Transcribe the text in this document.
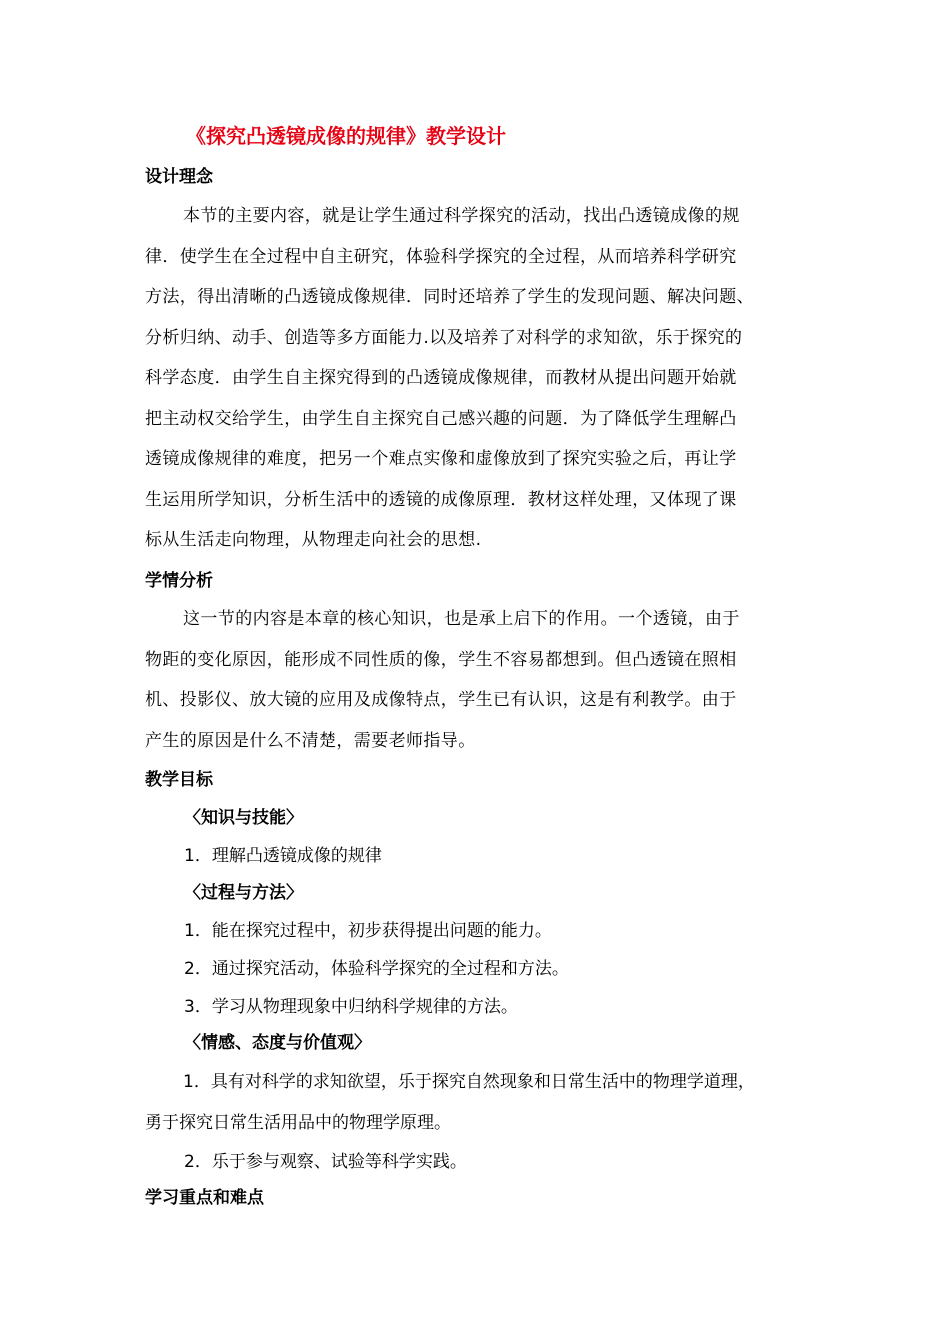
《探究凸透镜成像的规律》教学设计
设计理念
本节的主要内容，就是让学生通过科学探究的活动，找出凸透镜成像的规
律．使学生在全过程中自主研究，体验科学探究的全过程，从而培养科学研究
方法，得出清晰的凸透镜成像规律．同时还培养了学生的发现问题、解决问题、
分析归纳、动手、创造等多方面能力.以及培养了对科学的求知欲，乐于探究的
科学态度．由学生自主探究得到的凸透镜成像规律，而教材从提出问题开始就
把主动权交给学生，由学生自主探究自己感兴趣的问题．为了降低学生理解凸
透镜成像规律的难度，把另一个难点实像和虚像放到了探究实验之后，再让学
生运用所学知识，分析生活中的透镜的成像原理．教材这样处理，又体现了课
标从生活走向物理，从物理走向社会的思想.
学情分析
这一节的内容是本章的核心知识，也是承上启下的作用。一个透镜，由于
物距的变化原因，能形成不同性质的像，学生不容易都想到。但凸透镜在照相
机、投影仪、放大镜的应用及成像特点，学生已有认识，这是有利教学。由于
产生的原因是什么不清楚，需要老师指导。
教学目标
〈知识与技能〉
1．理解凸透镜成像的规律
〈过程与方法〉
1．能在探究过程中，初步获得提出问题的能力。
2．通过探究活动，体验科学探究的全过程和方法。
3．学习从物理现象中归纳科学规律的方法。
〈情感、态度与价值观〉
1．具有对科学的求知欲望，乐于探究自然现象和日常生活中的物理学道理，
勇于探究日常生活用品中的物理学原理。
2．乐于参与观察、试验等科学实践。
学习重点和难点
